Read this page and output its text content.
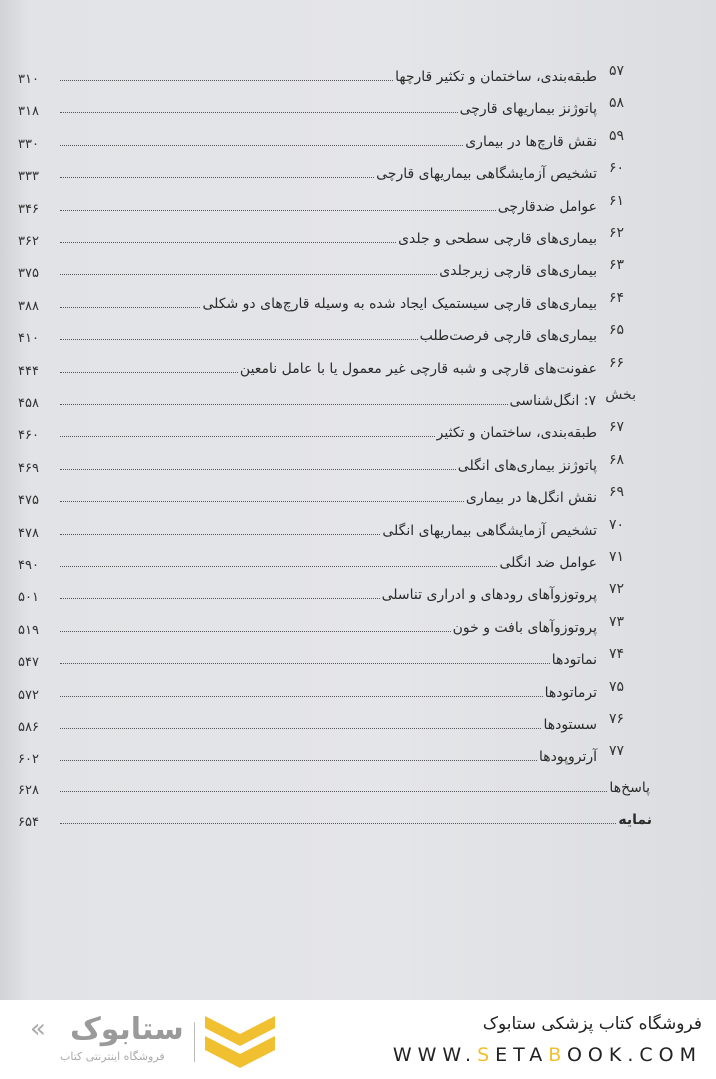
۵۷
طبقه‌بندی، ساختمان و تکثیر قارچها
۳۱۰
۵۸
پاتوژنز بیماریهای قارچی
۳۱۸
۵۹
نقش قارچ‌ها در بیماری
۳۳۰
۶۰
تشخیص آزمایشگاهی بیماریهای قارچی
۳۳۳
۶۱
عوامل ضدقارچی
۳۴۶
۶۲
بیماری‌های قارچی سطحی و جلدی
۳۶۲
۶۳
بیماری‌های قارچی زیرجلدی
۳۷۵
۶۴
بیماری‌های قارچی سیستمیک ایجاد شده به وسیله قارچ‌های دو شکلی
۳۸۸
۶۵
بیماری‌های قارچی فرصت‌طلب
۴۱۰
۶۶
عفونت‌های قارچی و شبه قارچی غیر معمول یا با عامل نامعین
۴۴۴
بخش
۷: انگل‌شناسی
۴۵۸
۶۷
طبقه‌بندی، ساختمان و تکثیر
۴۶۰
۶۸
پاتوژنز بیماری‌های انگلی
۴۶۹
۶۹
نقش انگل‌ها در بیماری
۴۷۵
۷۰
تشخیص آزمایشگاهی بیماریهای انگلی
۴۷۸
۷۱
عوامل ضد انگلی
۴۹۰
۷۲
پروتوزوآهای رودهای و ادراری تناسلی
۵۰۱
۷۳
پروتوزوآهای بافت و خون
۵۱۹
۷۴
نماتودها
۵۴۷
۷۵
ترماتودها
۵۷۲
۷۶
سستودها
۵۸۶
۷۷
آرتروپودها
۶۰۲
پاسخ‌ها
۶۲۸
نمایه
۶۵۴
فروشگاه کتاب پزشکی ستابوک
WWW.SETABOOK.COM
« ستابوک
فروشگاه اینترنتی کتاب
